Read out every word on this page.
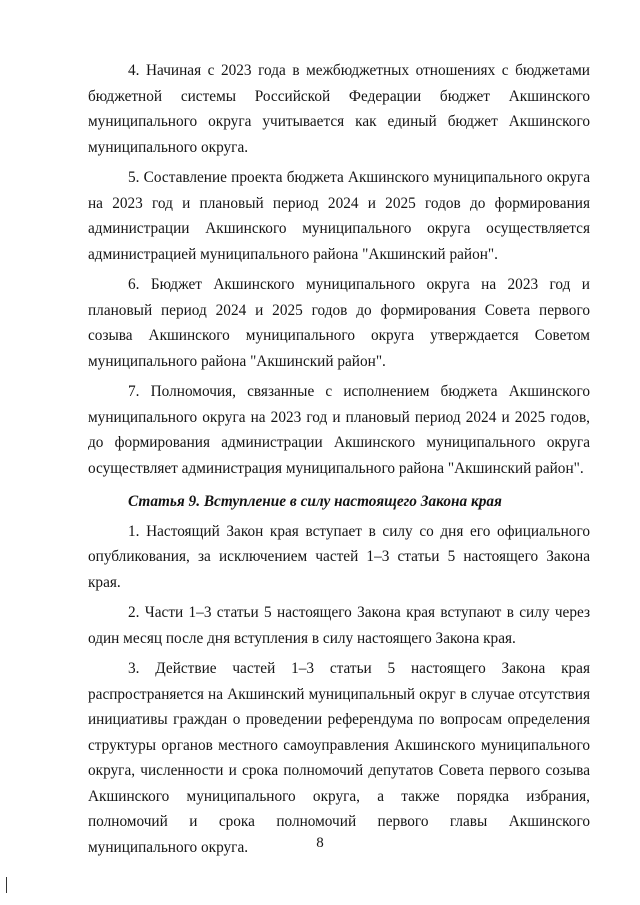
4. Начиная с 2023 года в межбюджетных отношениях с бюджетами бюджетной системы Российской Федерации бюджет Акшинского муниципального округа учитывается как единый бюджет Акшинского муниципального округа.

5. Составление проекта бюджета Акшинского муниципального округа на 2023 год и плановый период 2024 и 2025 годов до формирования администрации Акшинского муниципального округа осуществляется администрацией муниципального района "Акшинский район".

6. Бюджет Акшинского муниципального округа на 2023 год и плановый период 2024 и 2025 годов до формирования Совета первого созыва Акшинского муниципального округа утверждается Советом муниципального района "Акшинский район".

7. Полномочия, связанные с исполнением бюджета Акшинского муниципального округа на 2023 год и плановый период 2024 и 2025 годов, до формирования администрации Акшинского муниципального округа осуществляет администрация муниципального района "Акшинский район".

Статья 9. Вступление в силу настоящего Закона края

1. Настоящий Закон края вступает в силу со дня его официального опубликования, за исключением частей 1–3 статьи 5 настоящего Закона края.

2. Части 1–3 статьи 5 настоящего Закона края вступают в силу через один месяц после дня вступления в силу настоящего Закона края.

3. Действие частей 1–3 статьи 5 настоящего Закона края распространяется на Акшинский муниципальный округ в случае отсутствия инициативы граждан о проведении референдума по вопросам определения структуры органов местного самоуправления Акшинского муниципального округа, численности и срока полномочий депутатов Совета первого созыва Акшинского муниципального округа, а также порядка избрания, полномочий и срока полномочий первого главы Акшинского муниципального округа.	8
